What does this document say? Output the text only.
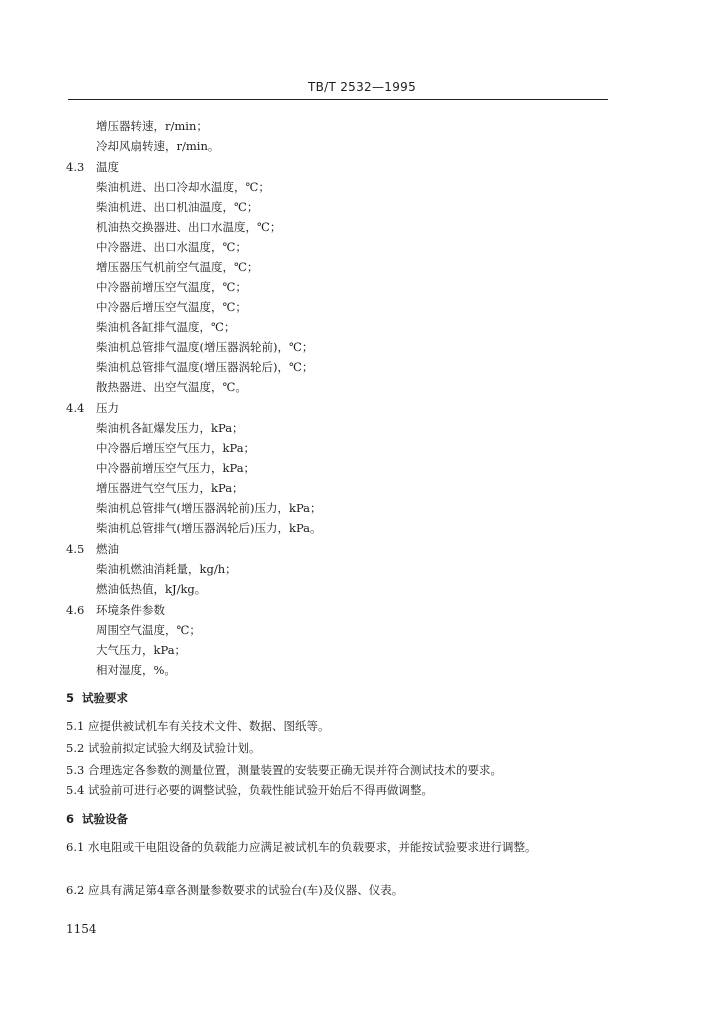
TB/T 2532—1995
增压器转速，r/min；
冷却风扇转速，r/min。
4.3 温度
柴油机进、出口冷却水温度，℃；
柴油机进、出口机油温度，℃；
机油热交换器进、出口水温度，℃；
中冷器进、出口水温度，℃；
增压器压气机前空气温度，℃；
中冷器前增压空气温度，℃；
中冷器后增压空气温度，℃；
柴油机各缸排气温度，℃；
柴油机总管排气温度(增压器涡轮前)，℃；
柴油机总管排气温度(增压器涡轮后)，℃；
散热器进、出空气温度，℃。
4.4 压力
柴油机各缸爆发压力，kPa；
中冷器后增压空气压力，kPa；
中冷器前增压空气压力，kPa；
增压器进气空气压力，kPa；
柴油机总管排气(增压器涡轮前)压力，kPa；
柴油机总管排气(增压器涡轮后)压力，kPa。
4.5 燃油
柴油机燃油消耗量，kg/h；
燃油低热值，kJ/kg。
4.6 环境条件参数
周围空气温度，℃；
大气压力，kPa；
相对湿度，%。
5 试验要求
5.1 应提供被试机车有关技术文件、数据、图纸等。
5.2 试验前拟定试验大纲及试验计划。
5.3 合理选定各参数的测量位置，测量装置的安装要正确无误并符合测试技术的要求。
5.4 试验前可进行必要的调整试验，负载性能试验开始后不得再做调整。
6 试验设备
6.1 水电阻或干电阻设备的负载能力应满足被试机车的负载要求，并能按试验要求进行调整。
6.2 应具有满足第4章各测量参数要求的试验台(车)及仪器、仪表。
1154
